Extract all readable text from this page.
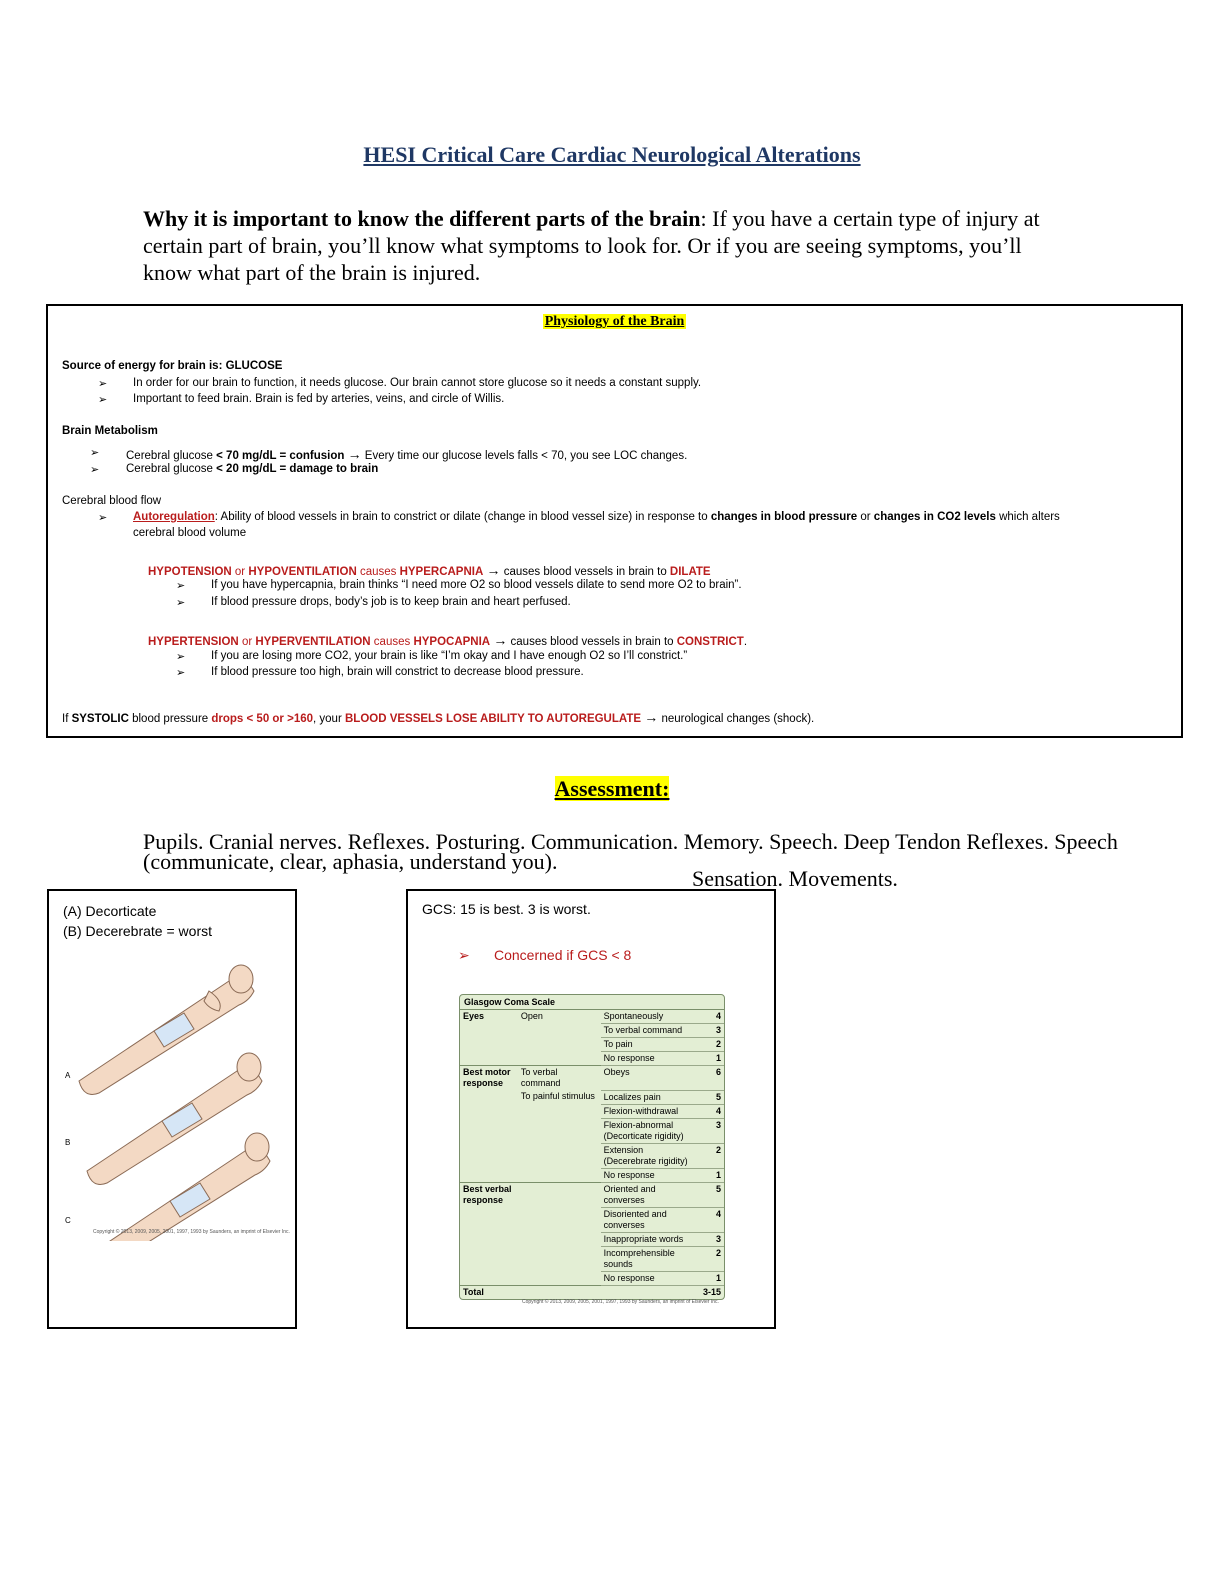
HESI Critical Care Cardiac Neurological Alterations
Why it is important to know the different parts of the brain: If you have a certain type of injury at certain part of brain, you’ll know what symptoms to look for. Or if you are seeing symptoms, you’ll know what part of the brain is injured.
Physiology of the Brain
Source of energy for brain is: GLUCOSE
➢ In order for our brain to function, it needs glucose. Our brain cannot store glucose so it needs a constant supply.
➢ Important to feed brain. Brain is fed by arteries, veins, and circle of Willis.
Brain Metabolism
➢ Cerebral glucose < 70 mg/dL = confusion → Every time our glucose levels falls < 70, you see LOC changes.
➢ Cerebral glucose < 20 mg/dL = damage to brain
Cerebral blood flow
➢ Autoregulation: Ability of blood vessels in brain to constrict or dilate (change in blood vessel size) in response to changes in blood pressure or changes in CO2 levels which alters
cerebral blood volume
HYPOTENSION or HYPOVENTILATION causes HYPERCAPNIA → causes blood vessels in brain to DILATE
➢ If you have hypercapnia, brain thinks “I need more O2 so blood vessels dilate to send more O2 to brain”.
➢ If blood pressure drops, body’s job is to keep brain and heart perfused.
HYPERTENSION or HYPERVENTILATION causes HYPOCAPNIA → causes blood vessels in brain to CONSTRICT.
➢ If you are losing more CO2, your brain is like “I’m okay and I have enough O2 so I’ll constrict.”
➢ If blood pressure too high, brain will constrict to decrease blood pressure.
If SYSTOLIC blood pressure drops < 50 or >160, your BLOOD VESSELS LOSE ABILITY TO AUTOREGULATE → neurological changes (shock).
Assessment:
Pupils. Cranial nerves. Reflexes. Posturing. Communication. Memory. Speech. Deep Tendon Reflexes. Speech
(communicate, clear, aphasia, understand you).
Sensation. Movements.
(A) Decorticate
(B) Decerebrate = worst
A
B
C
Copyright © 2013, 2009, 2005, 2001, 1997, 1993 by Saunders, an imprint of Elsevier Inc.
GCS: 15 is best. 3 is worst.
➢ Concerned if GCS < 8
Glasgow Coma Scale
Eyes	Open	Spontaneously	4
		To verbal command	3
		To pain	2
		No response	1
Best motor response	To verbal command	Obeys	6
	To painful stimulus	Localizes pain	5
		Flexion-withdrawal	4
		Flexion-abnormal (Decorticate rigidity)	3
		Extension (Decerebrate rigidity)	2
		No response	1
Best verbal response		Oriented and converses	5
		Disoriented and converses	4
		Inappropriate words	3
		Incomprehensible sounds	2
		No response	1
Total			3-15
Copyright © 2013, 2009, 2005, 2001, 1997, 1993 by Saunders, an imprint of Elsevier Inc.
